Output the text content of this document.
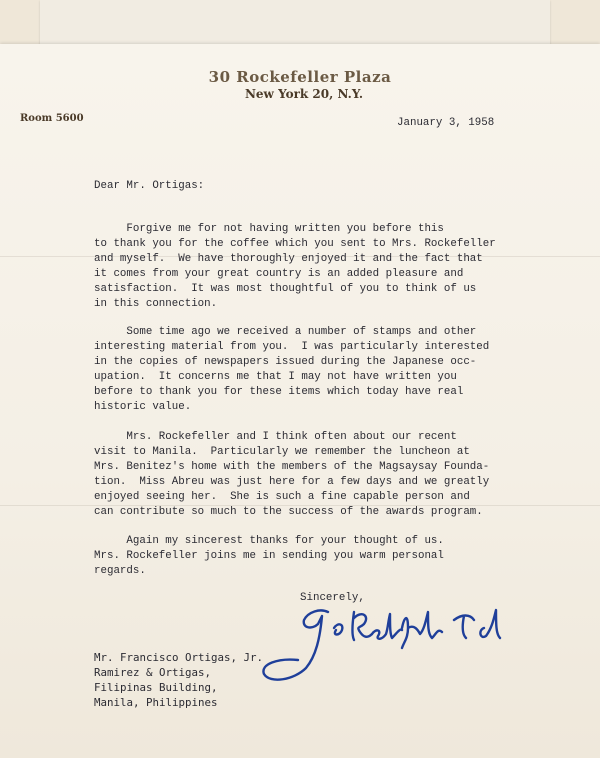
30 Rockefeller Plaza
New York 20, N.Y.
Room 5600	January 3, 1958
Dear Mr. Ortigas:

Forgive me for not having written you before this
to thank you for the coffee which you sent to Mrs. Rockefeller
and myself.  We have thoroughly enjoyed it and the fact that
it comes from your great country is an added pleasure and
satisfaction.  It was most thoughtful of you to think of us
in this connection.

Some time ago we received a number of stamps and other
interesting material from you.  I was particularly interested
in the copies of newspapers issued during the Japanese occ-
upation.  It concerns me that I may not have written you
before to thank you for these items which today have real
historic value.

Mrs. Rockefeller and I think often about our recent
visit to Manila.  Particularly we remember the luncheon at
Mrs. Benitez's home with the members of the Magsaysay Founda-
tion.  Miss Abreu was just here for a few days and we greatly
enjoyed seeing her.  She is such a fine capable person and
can contribute so much to the success of the awards program.

Again my sincerest thanks for your thought of us.
Mrs. Rockefeller joins me in sending you warm personal
regards.

Sincerely,
Mr. Francisco Ortigas, Jr.
Ramirez & Ortigas,
Filipinas Building,
Manila, Philippines
